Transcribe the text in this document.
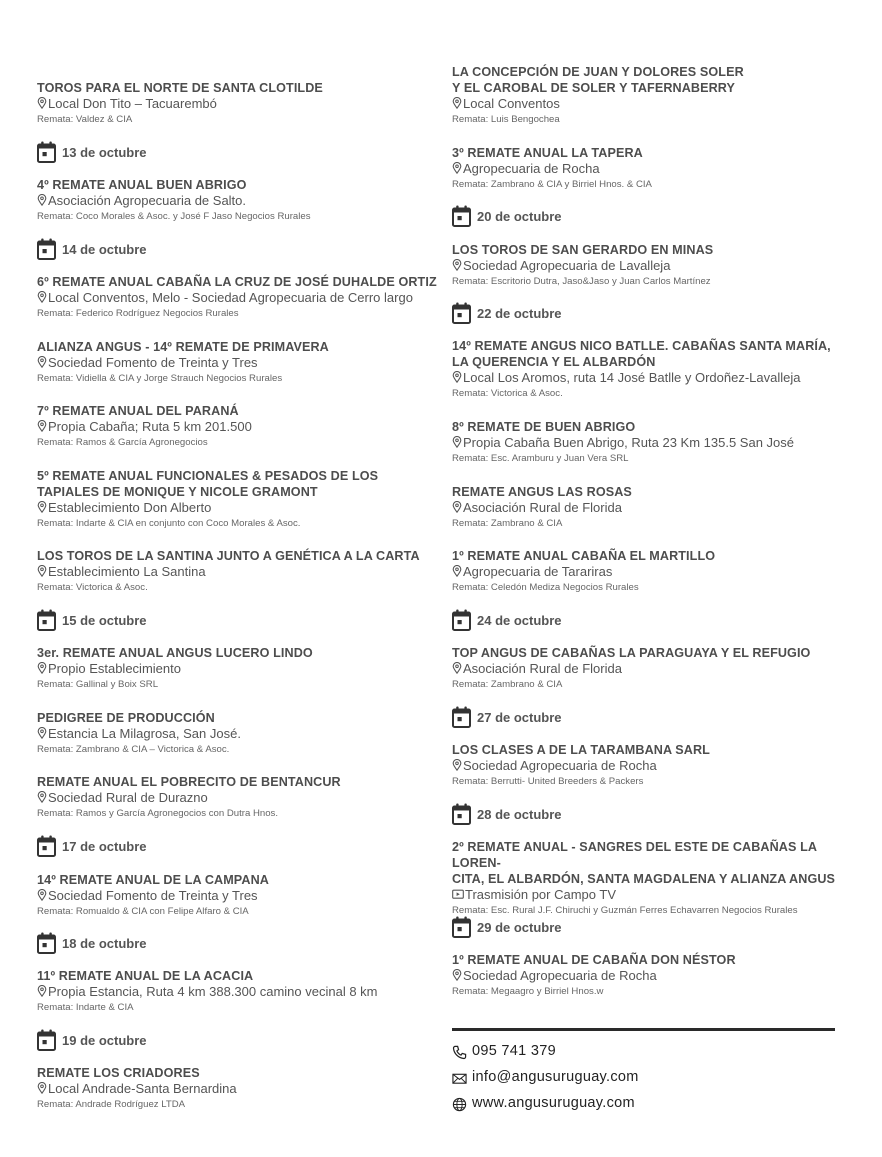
TOROS PARA EL NORTE DE SANTA CLOTILDE
Local Don Tito – Tacuarembó
Remata: Valdez & CIA
13 de octubre
4º REMATE ANUAL BUEN ABRIGO
Asociación Agropecuaria de Salto.
Remata: Coco Morales & Asoc. y José F Jaso Negocios Rurales
14 de octubre
6º REMATE ANUAL CABAÑA LA CRUZ DE JOSÉ DUHALDE ORTIZ
Local Conventos, Melo - Sociedad Agropecuaria de Cerro largo
Remata: Federico Rodríguez Negocios Rurales
ALIANZA ANGUS - 14º REMATE DE PRIMAVERA
Sociedad Fomento de Treinta y Tres
Remata: Vidiella & CIA y Jorge Strauch Negocios Rurales
7º REMATE ANUAL DEL PARANÁ
Propia Cabaña; Ruta 5 km 201.500
Remata: Ramos & García Agronegocios
5º REMATE ANUAL FUNCIONALES & PESADOS DE LOS
TAPIALES DE MONIQUE Y NICOLE GRAMONT
Establecimiento Don Alberto
Remata: Indarte & CIA en conjunto con Coco Morales & Asoc.
LOS TOROS DE LA SANTINA JUNTO A GENÉTICA A LA CARTA
Establecimiento La Santina
Remata: Victorica & Asoc.
15 de octubre
3er. REMATE ANUAL ANGUS LUCERO LINDO
Propio Establecimiento
Remata: Gallinal y Boix SRL
PEDIGREE DE PRODUCCIÓN
Estancia La Milagrosa, San José.
Remata: Zambrano & CIA – Victorica & Asoc.
REMATE ANUAL EL POBRECITO DE BENTANCUR
Sociedad Rural de Durazno
Remata: Ramos y García Agronegocios con Dutra Hnos.
17 de octubre
14º REMATE ANUAL DE LA CAMPANA
Sociedad Fomento de Treinta y Tres
Remata: Romualdo & CIA con Felipe Alfaro & CIA
18 de octubre
11º REMATE ANUAL DE LA ACACIA
Propia Estancia, Ruta 4 km 388.300 camino vecinal 8 km
Remata: Indarte & CIA
19 de octubre
REMATE LOS CRIADORES
Local Andrade-Santa Bernardina
Remata: Andrade Rodríguez LTDA
LA CONCEPCIÓN DE JUAN Y DOLORES SOLER
Y EL CAROBAL DE SOLER Y TAFERNABERRY
Local Conventos
Remata: Luis Bengochea
3º REMATE ANUAL LA TAPERA
Agropecuaria de Rocha
Remata: Zambrano & CIA y Birriel Hnos. & CIA
20 de octubre
LOS TOROS DE SAN GERARDO EN MINAS
Sociedad Agropecuaria de Lavalleja
Remata: Escritorio Dutra, Jaso&Jaso y Juan Carlos Martínez
22 de octubre
14º REMATE ANGUS NICO BATLLE. CABAÑAS SANTA MARÍA,
LA QUERENCIA Y EL ALBARDÓN
Local Los Aromos, ruta 14 José Batlle y Ordoñez-Lavalleja
Remata: Victorica & Asoc.
8º REMATE DE BUEN ABRIGO
Propia Cabaña Buen Abrigo, Ruta 23 Km 135.5 San José
Remata: Esc. Aramburu y Juan Vera SRL
REMATE ANGUS LAS ROSAS
Asociación Rural de Florida
Remata: Zambrano & CIA
1º REMATE ANUAL CABAÑA EL MARTILLO
Agropecuaria de Tarariras
Remata: Celedón Mediza Negocios Rurales
24 de octubre
TOP ANGUS DE CABAÑAS LA PARAGUAYA Y EL REFUGIO
Asociación Rural de Florida
Remata: Zambrano & CIA
27 de octubre
LOS CLASES A DE LA TARAMBANA SARL
Sociedad Agropecuaria de Rocha
Remata: Berrutti- United Breeders & Packers
28 de octubre
2º REMATE ANUAL - SANGRES DEL ESTE DE CABAÑAS LA LOREN-
CITA, EL ALBARDÓN, SANTA MAGDALENA Y ALIANZA ANGUS
Trasmisión por Campo TV
Remata: Esc. Rural J.F. Chiruchi y Guzmán Ferres Echavarren Negocios Rurales
29 de octubre
1º REMATE ANUAL DE CABAÑA DON NÉSTOR
Sociedad Agropecuaria de Rocha
Remata: Megaagro y Birriel Hnos.w
095 741 379
info@angusuruguay.com
www.angusuruguay.com
